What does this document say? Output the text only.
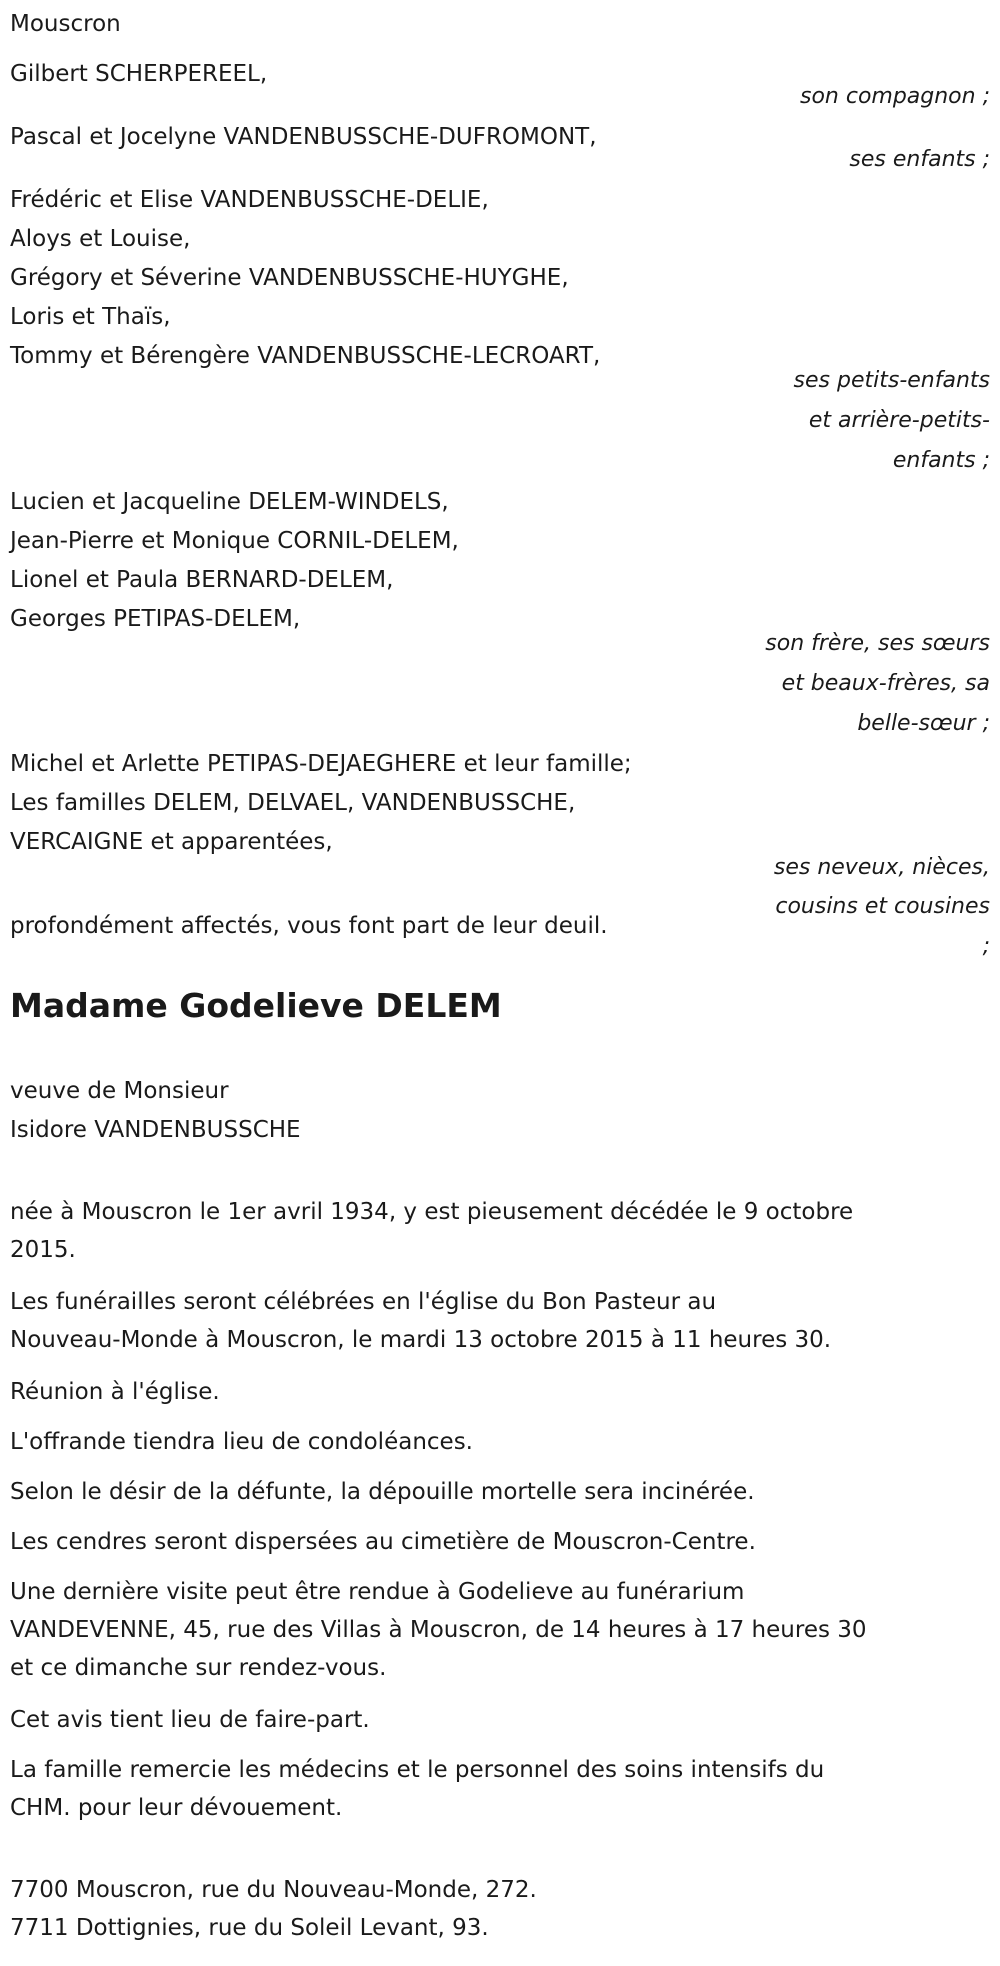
Mouscron

Gilbert SCHERPEREEL,

son compagnon ;

Pascal et Jocelyne VANDENBUSSCHE-DUFROMONT,

ses enfants ;

Frédéric et Elise VANDENBUSSCHE-DELIE,

Aloys et Louise,

Grégory et Séverine VANDENBUSSCHE-HUYGHE,

Loris et Thaïs,

Tommy et Bérengère VANDENBUSSCHE-LECROART,

ses petits-enfants

et arrière-petits-

enfants ;

Lucien et Jacqueline DELEM-WINDELS,

Jean-Pierre et Monique CORNIL-DELEM,

Lionel et Paula BERNARD-DELEM,

Georges PETIPAS-DELEM,

son frère, ses sœurs

et beaux-frères, sa

belle-sœur ;

Michel et Arlette PETIPAS-DEJAEGHERE et leur famille;

Les familles DELEM, DELVAEL, VANDENBUSSCHE,

VERCAIGNE et apparentées,

ses neveux, nièces,

cousins et cousines

;

profondément affectés, vous font part de leur deuil.

Madame Godelieve DELEM

veuve de Monsieur

Isidore VANDENBUSSCHE

née à Mouscron le 1er avril 1934, y est pieusement décédée le 9 octobre

2015.

Les funérailles seront célébrées en l'église du Bon Pasteur au

Nouveau-Monde à Mouscron, le mardi 13 octobre 2015 à 11 heures 30.

Réunion à l'église.

L'offrande tiendra lieu de condoléances.

Selon le désir de la défunte, la dépouille mortelle sera incinérée.

Les cendres seront dispersées au cimetière de Mouscron-Centre.

Une dernière visite peut être rendue à Godelieve au funérarium

VANDEVENNE, 45, rue des Villas à Mouscron, de 14 heures à 17 heures 30

et ce dimanche sur rendez-vous.

Cet avis tient lieu de faire-part.

La famille remercie les médecins et le personnel des soins intensifs du

CHM. pour leur dévouement.

7700 Mouscron, rue du Nouveau-Monde, 272.

7711 Dottignies, rue du Soleil Levant, 93.
